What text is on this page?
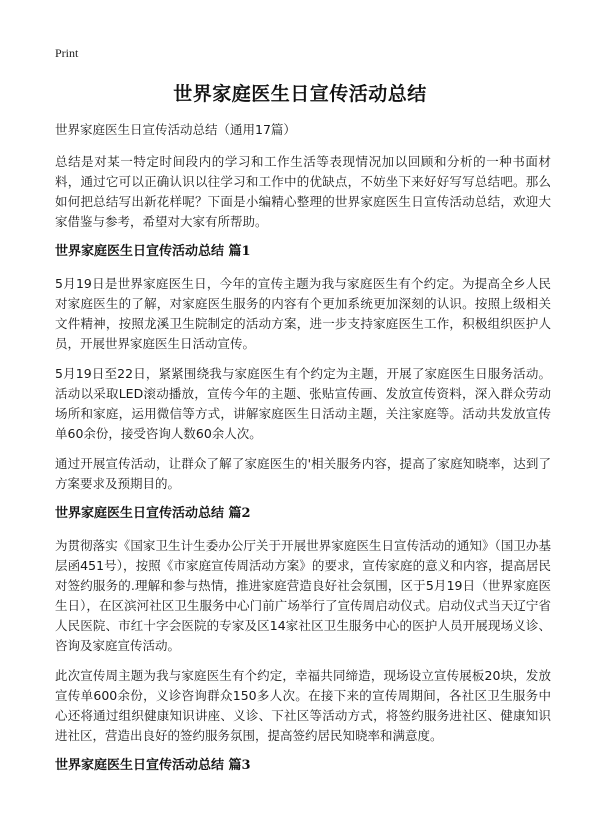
Print
世界家庭医生日宣传活动总结
世界家庭医生日宣传活动总结（通用17篇）

总结是对某一特定时间段内的学习和工作生活等表现情况加以回顾和分析的一种书面材料，通过它可以正确认识以往学习和工作中的优缺点，不妨坐下来好好写写总结吧。那么如何把总结写出新花样呢？下面是小编精心整理的世界家庭医生日宣传活动总结，欢迎大家借鉴与参考，希望对大家有所帮助。

世界家庭医生日宣传活动总结 篇1

5月19日是世界家庭医生日，今年的宣传主题为我与家庭医生有个约定。为提高全乡人民对家庭医生的了解，对家庭医生服务的内容有个更加系统更加深刻的认识。按照上级相关文件精神，按照龙溪卫生院制定的活动方案，进一步支持家庭医生工作，积极组织医护人员，开展世界家庭医生日活动宣传。

5月19日至22日，紧紧围绕我与家庭医生有个约定为主题，开展了家庭医生日服务活动。活动以采取LED滚动播放，宣传今年的主题、张贴宣传画、发放宣传资料，深入群众劳动场所和家庭，运用微信等方式，讲解家庭医生日活动主题，关注家庭等。活动共发放宣传单60余份，接受咨询人数60余人次。

通过开展宣传活动，让群众了解了家庭医生的'相关服务内容，提高了家庭知晓率，达到了方案要求及预期目的。

世界家庭医生日宣传活动总结 篇2

为贯彻落实《国家卫生计生委办公厅关于开展世界家庭医生日宣传活动的通知》（国卫办基层函451号），按照《市家庭宣传周活动方案》的要求，宣传家庭的意义和内容，提高居民对签约服务的.理解和参与热情，推进家庭营造良好社会氛围，区于5月19日（世界家庭医生日），在区滨河社区卫生服务中心门前广场举行了宣传周启动仪式。启动仪式当天辽宁省人民医院、市红十字会医院的专家及区14家社区卫生服务中心的医护人员开展现场义诊、咨询及家庭宣传活动。

此次宣传周主题为我与家庭医生有个约定，幸福共同缔造，现场设立宣传展板20块，发放宣传单600余份，义诊咨询群众150多人次。在接下来的宣传周期间，各社区卫生服务中心还将通过组织健康知识讲座、义诊、下社区等活动方式，将签约服务进社区、健康知识进社区，营造出良好的签约服务氛围，提高签约居民知晓率和满意度。

世界家庭医生日宣传活动总结 篇3
